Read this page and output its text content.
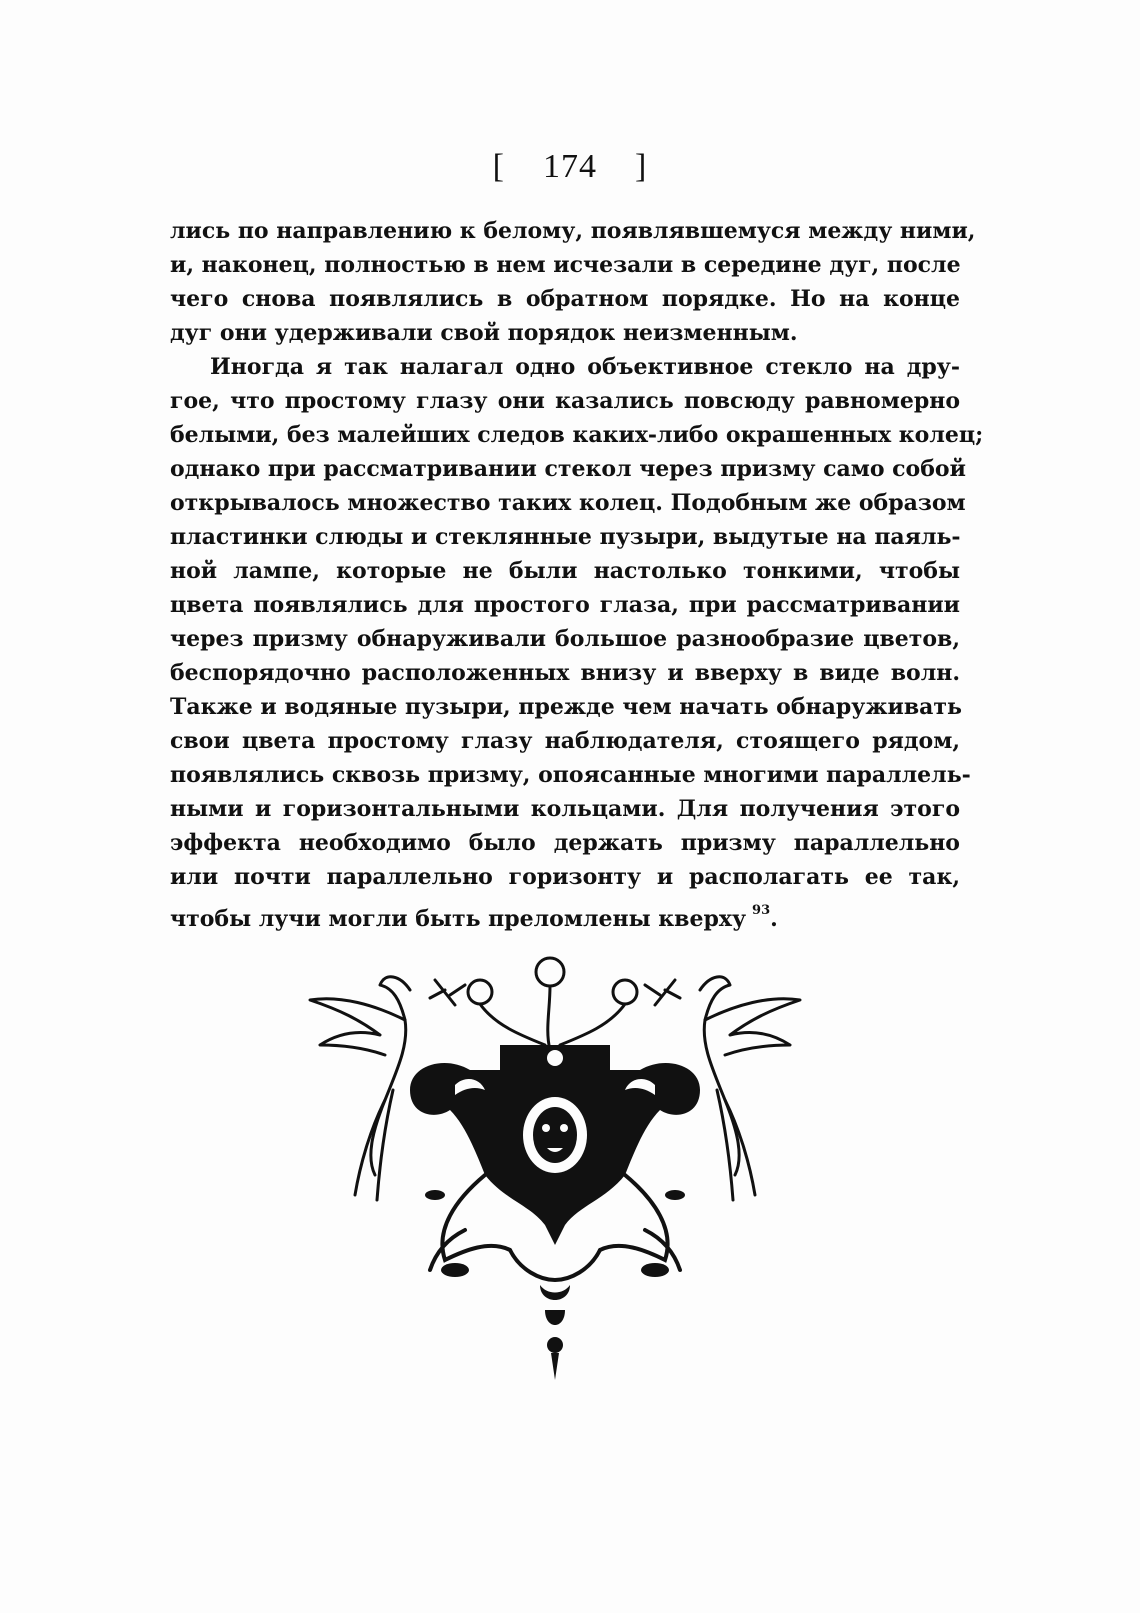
[ 174 ]
лись по направлению к белому, появлявшемуся между ними,
и, наконец, полностью в нем исчезали в середине дуг, после
чего снова появлялись в обратном порядке. Но на конце
дуг они удерживали свой порядок неизменным.
Иногда я так налагал одно объективное стекло на дру-
гое, что простому глазу они казались повсюду равномерно
белыми, без малейших следов каких-либо окрашенных колец;
однако при рассматривании стекол через призму само собой
открывалось множество таких колец. Подобным же образом
пластинки слюды и стеклянные пузыри, выдутые на паяль-
ной лампе, которые не были настолько тонкими, чтобы
цвета появлялись для простого глаза, при рассматривании
через призму обнаруживали большое разнообразие цветов,
беспорядочно расположенных внизу и вверху в виде волн.
Также и водяные пузыри, прежде чем начать обнаруживать
свои цвета простому глазу наблюдателя, стоящего рядом,
появлялись сквозь призму, опоясанные многими параллель-
ными и горизонтальными кольцами. Для получения этого
эффекта необходимо было держать призму параллельно
или почти параллельно горизонту и располагать ее так,
чтобы лучи могли быть преломлены кверху $^{93}$.
